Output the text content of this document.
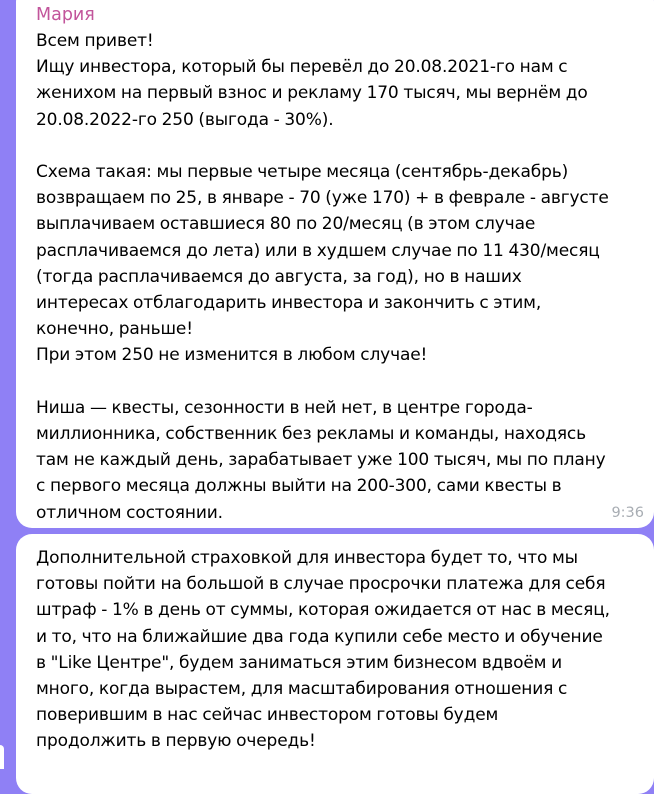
Мария
Всем привет!
Ищу инвестора, который бы перевёл до 20.08.2021-го нам с
женихом на первый взнос и рекламу 170 тысяч, мы вернём до
20.08.2022-го 250 (выгода - 30%).

Схема такая: мы первые четыре месяца (сентябрь-декабрь)
возвращаем по 25, в январе - 70 (уже 170) + в феврале - августе
выплачиваем оставшиеся 80 по 20/месяц (в этом случае
расплачиваемся до лета) или в худшем случае по 11 430/месяц
(тогда расплачиваемся до августа, за год), но в наших
интересах отблагодарить инвестора и закончить с этим,
конечно, раньше!
При этом 250 не изменится в любом случае!

Ниша — квесты, сезонности в ней нет, в центре города-
миллионника, собственник без рекламы и команды, находясь
там не каждый день, зарабатывает уже 100 тысяч, мы по плану
с первого месяца должны выйти на 200-300, сами квесты в
отличном состоянии.	9:36
Дополнительной страховкой для инвестора будет то, что мы
готовы пойти на большой в случае просрочки платежа для себя
штраф - 1% в день от суммы, которая ожидается от нас в месяц,
и то, что на ближайшие два года купили себе место и обучение
в "Like Центре", будем заниматься этим бизнесом вдвоём и
много, когда вырастем, для масштабирования отношения с
поверившим в нас сейчас инвестором готовы будем
продолжить в первую очередь!
